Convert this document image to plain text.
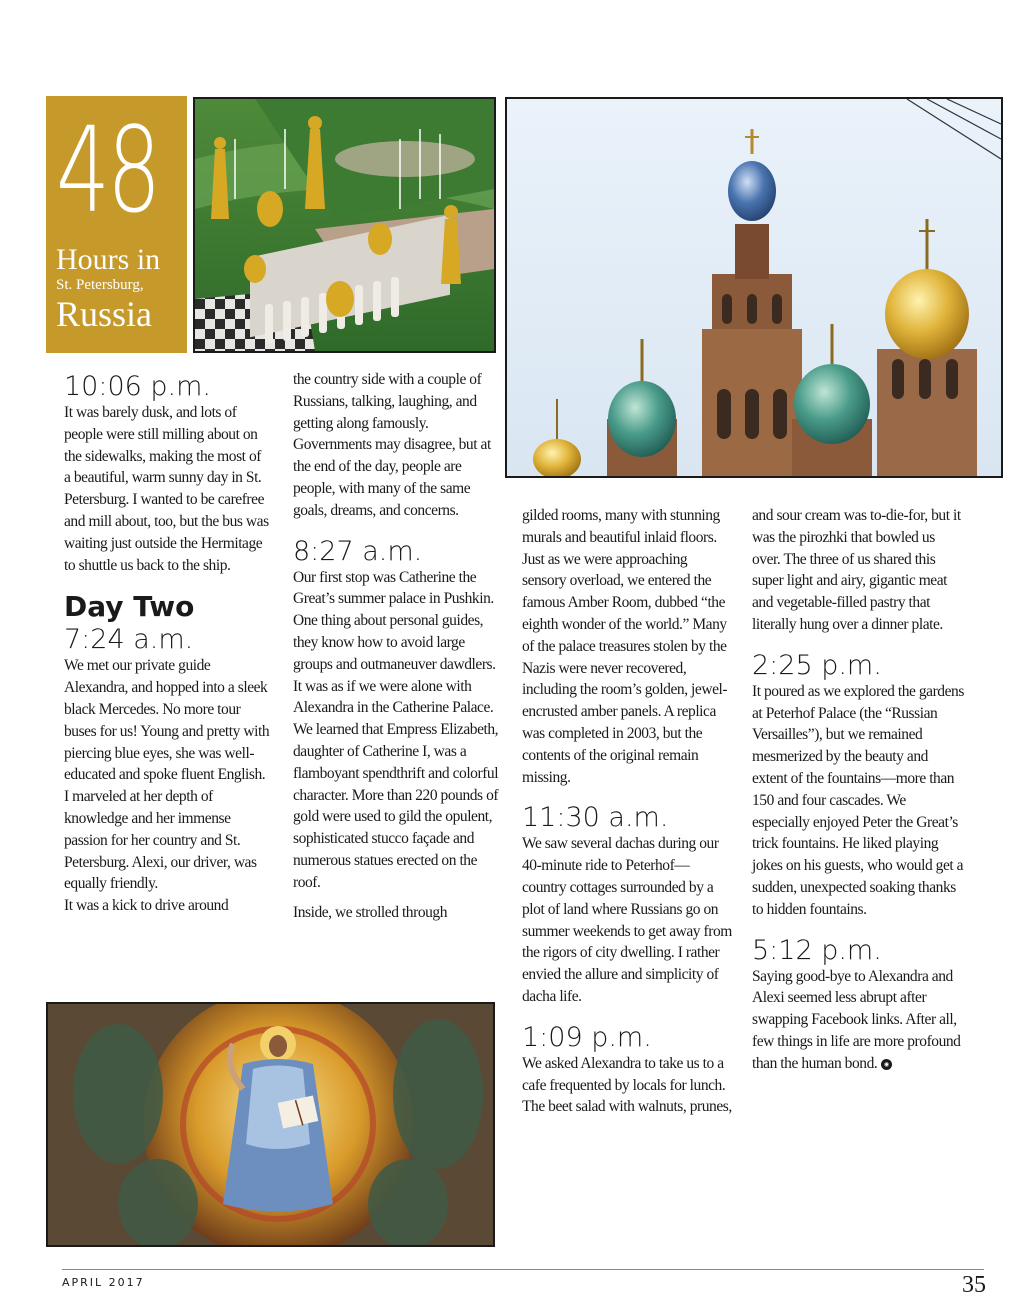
48
Hours in
St. Petersburg,
Russia
10:06 p.m.

It was barely dusk, and lots of people were still milling about on the sidewalks, making the most of a beautiful, warm sunny day in St. Petersburg. I wanted to be carefree and mill about, too, but the bus was waiting just outside the Hermitage to shuttle us back to the ship.

Day Two
7:24 a.m.

We met our private guide Alexandra, and hopped into a sleek black Mercedes. No more tour buses for us! Young and pretty with piercing blue eyes, she was well-educated and spoke fluent English.

I marveled at her depth of knowledge and her immense passion for her country and St. Petersburg. Alexi, our driver, was equally friendly.

It was a kick to drive around

the country side with a couple of Russians, talking, laughing, and getting along famously. Governments may disagree, but at the end of the day, people are people, with many of the same goals, dreams, and concerns.

8:27 a.m.

Our first stop was Catherine the Great’s summer palace in Pushkin. One thing about personal guides, they know how to avoid large groups and outmaneuver dawdlers. It was as if we were alone with Alexandra in the Catherine Palace. We learned that Empress Elizabeth, daughter of Catherine I, was a flamboyant spendthrift and colorful character. More than 220 pounds of gold were used to gild the opulent, sophisticated stucco façade and numerous statues erected on the roof.

Inside, we strolled through

gilded rooms, many with stunning murals and beautiful inlaid floors. Just as we were approaching sensory overload, we entered the famous Amber Room, dubbed “the eighth wonder of the world.” Many of the palace treasures stolen by the Nazis were never recovered, including the room’s golden, jewel-encrusted amber panels. A replica was completed in 2003, but the contents of the original remain missing.

11:30 a.m.

We saw several dachas during our 40-minute ride to Peterhof—country cottages surrounded by a plot of land where Russians go on summer weekends to get away from the rigors of city dwelling. I rather envied the allure and simplicity of dacha life.

1:09 p.m.

We asked Alexandra to take us to a cafe frequented by locals for lunch. The beet salad with walnuts, prunes,

and sour cream was to-die-for, but it was the pirozhki that bowled us over. The three of us shared this super light and airy, gigantic meat and vegetable-filled pastry that literally hung over a dinner plate.

2:25 p.m.

It poured as we explored the gardens at Peterhof Palace (the “Russian Versailles”), but we remained mesmerized by the beauty and extent of the fountains—more than 150 and four cascades. We especially enjoyed Peter the Great’s trick fountains. He liked playing jokes on his guests, who would get a sudden, unexpected soaking thanks to hidden fountains.

5:12 p.m.

Saying good-bye to Alexandra and Alexi seemed less abrupt after swapping Facebook links. After all, few things in life are more profound than the human bond. ◉

APRIL 2017	35
